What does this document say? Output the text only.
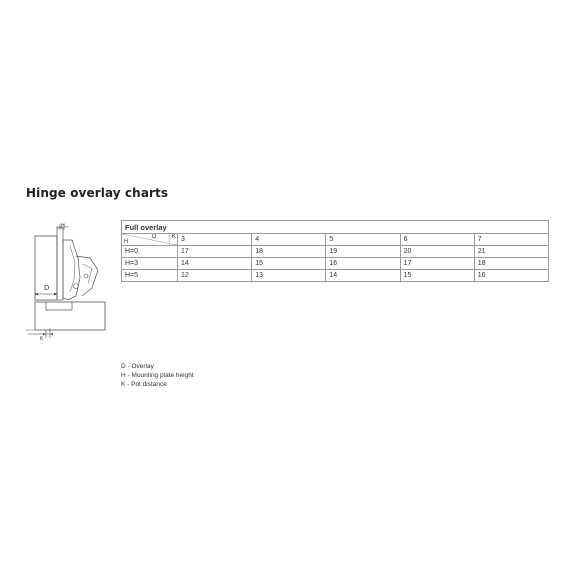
Hinge overlay charts
H
D
K
Full overlay					

D K
H	3	4	5	6	7
H=0	17	18	19	20	21
H=3	14	15	16	17	18
H=5	12	13	14	15	16
D - Overlay
H - Mounting plate height
K - Pot distance
